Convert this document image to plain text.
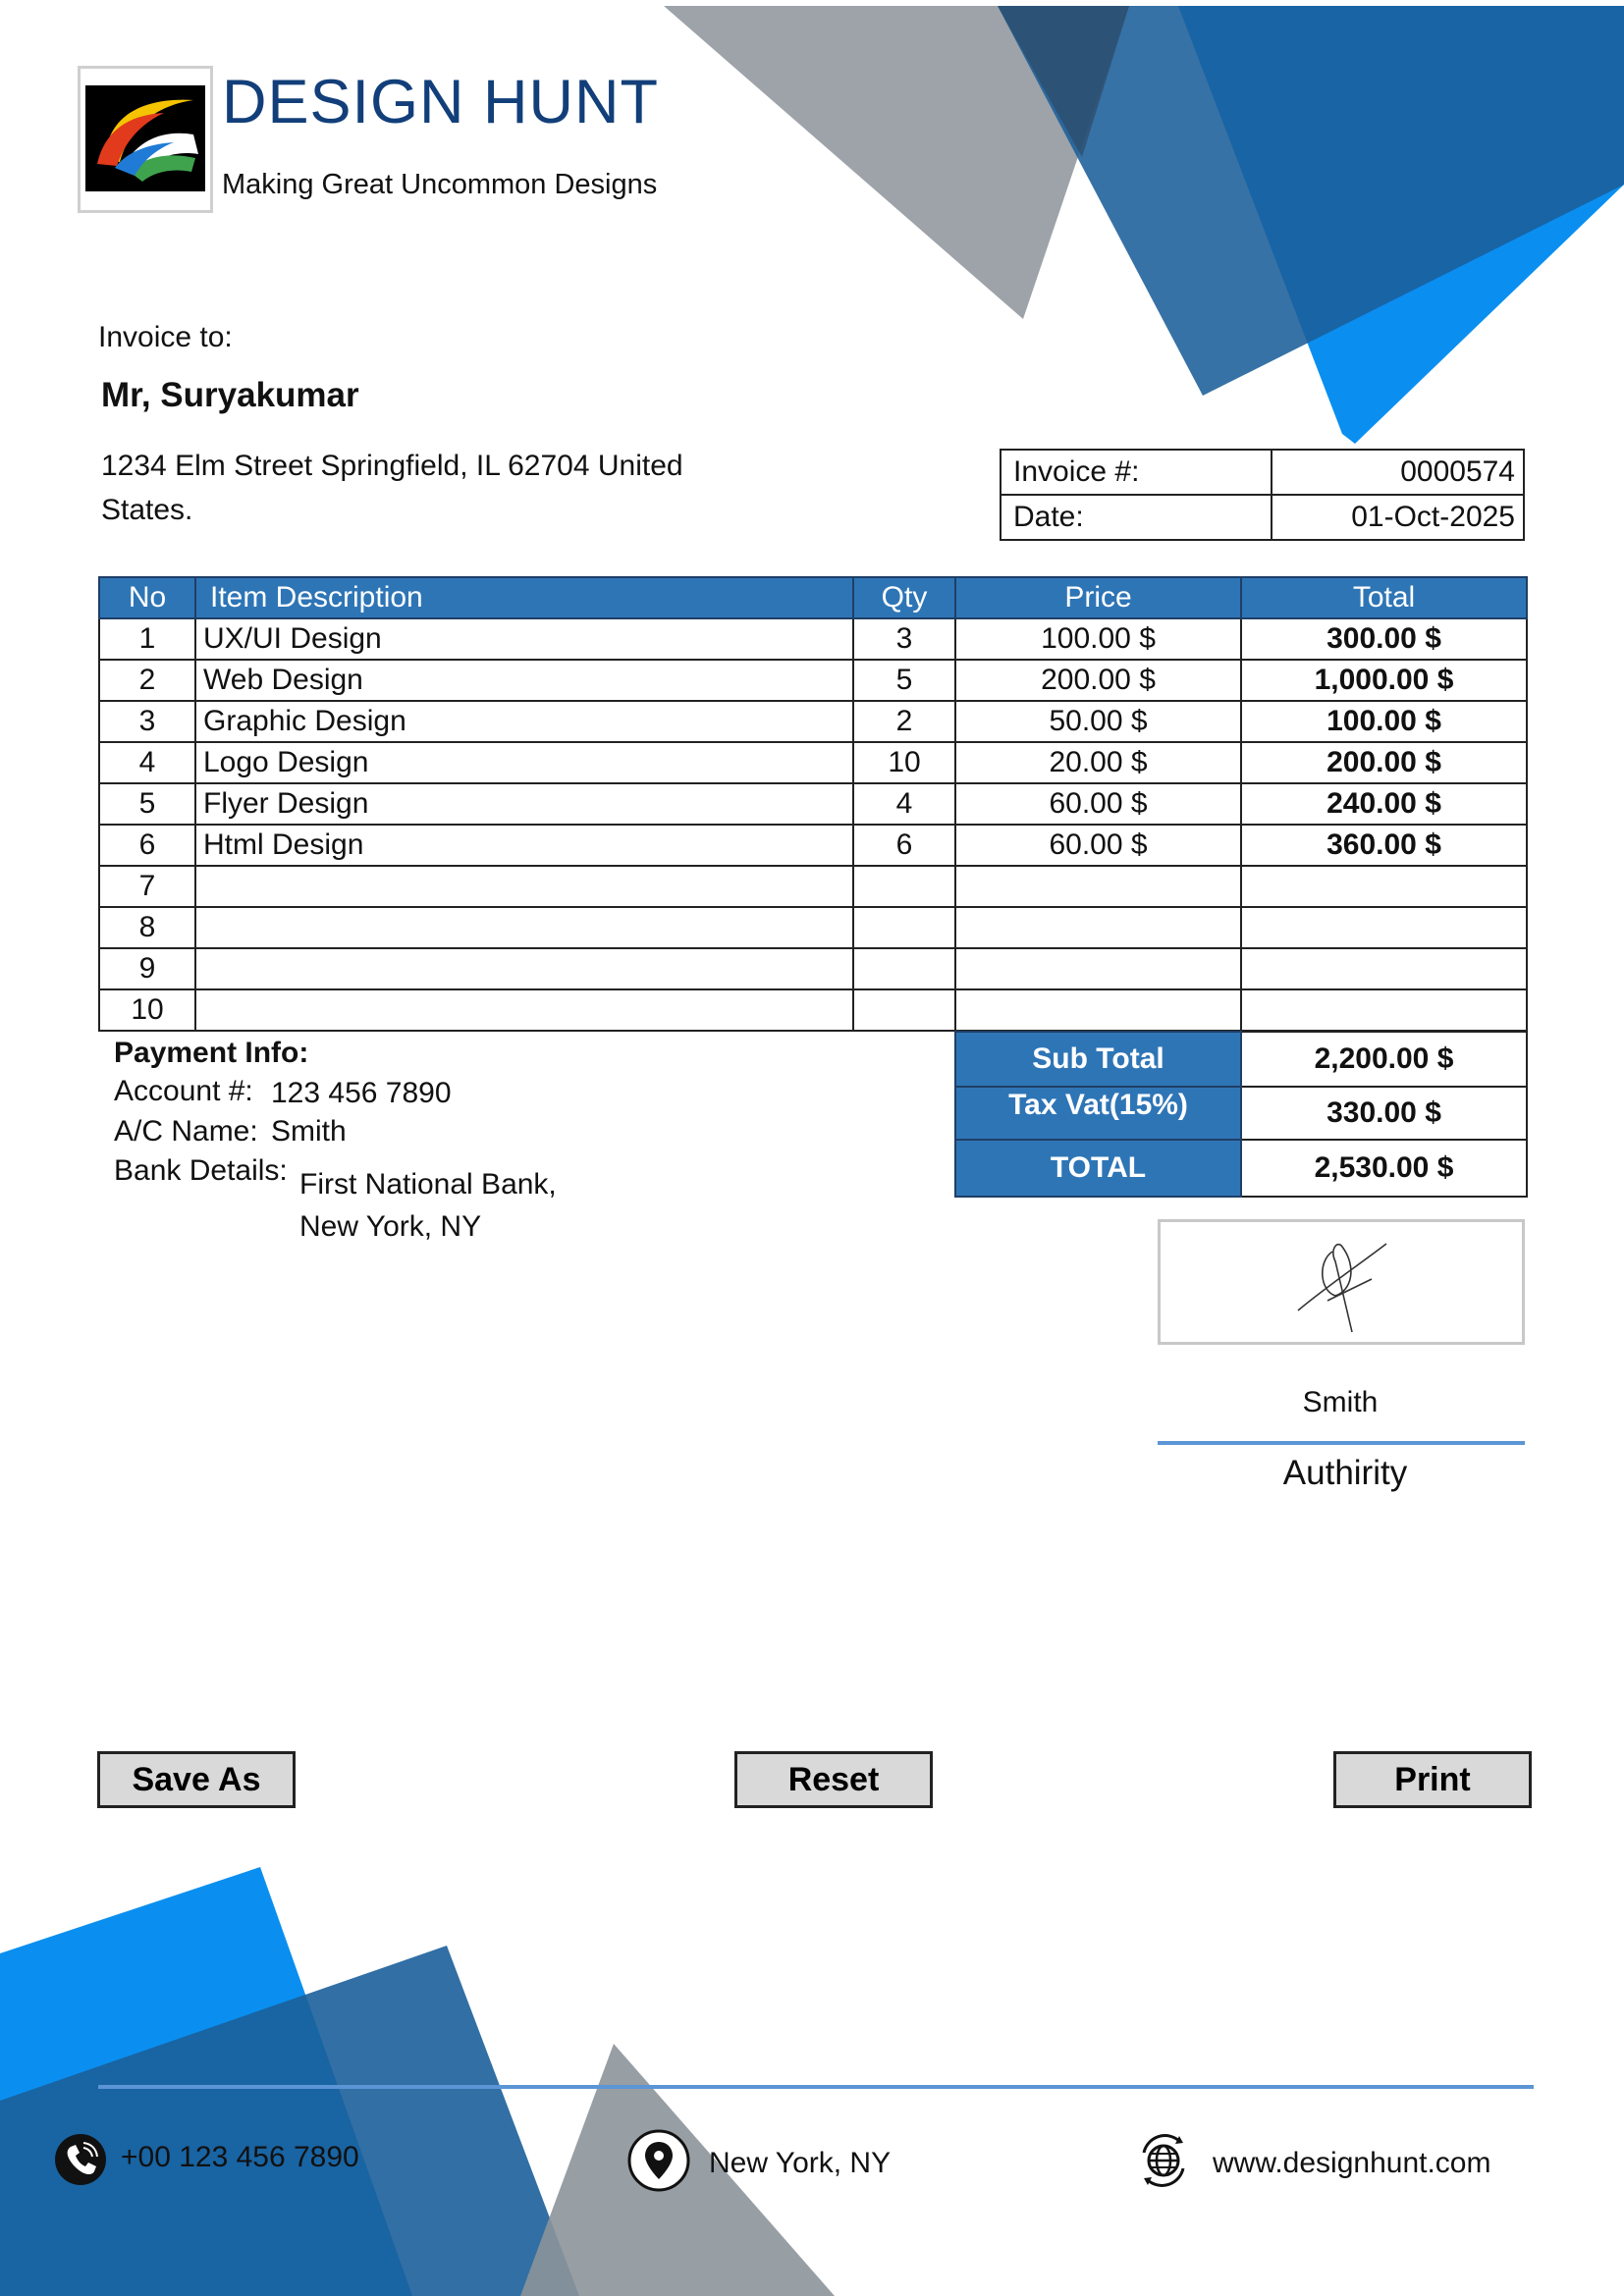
DESIGN HUNT
Making Great Uncommon Designs
Invoice to:
Mr, Suryakumar
1234 Elm Street Springfield, IL 62704 United States.
Invoice #:	0000574
Date:	01-Oct-2025
No	Item Description	Qty	Price	Total
1	UX/UI Design	3	100.00 $	300.00 $
2	Web Design	5	200.00 $	1,000.00 $
3	Graphic Design	2	50.00 $	100.00 $
4	Logo Design	10	20.00 $	200.00 $
5	Flyer Design	4	60.00 $	240.00 $
6	Html Design	6	60.00 $	360.00 $
7				
8				
9				
10				
Payment Info:
Account #: 123 456 7890
A/C Name: Smith
Bank Details: First National Bank,
New York, NY
Sub Total	2,200.00 $
Tax Vat(15%)	330.00 $
TOTAL	2,530.00 $
Smith
Authirity
Save As	Reset	Print
+00 123 456 7890	New York, NY	www.designhunt.com
